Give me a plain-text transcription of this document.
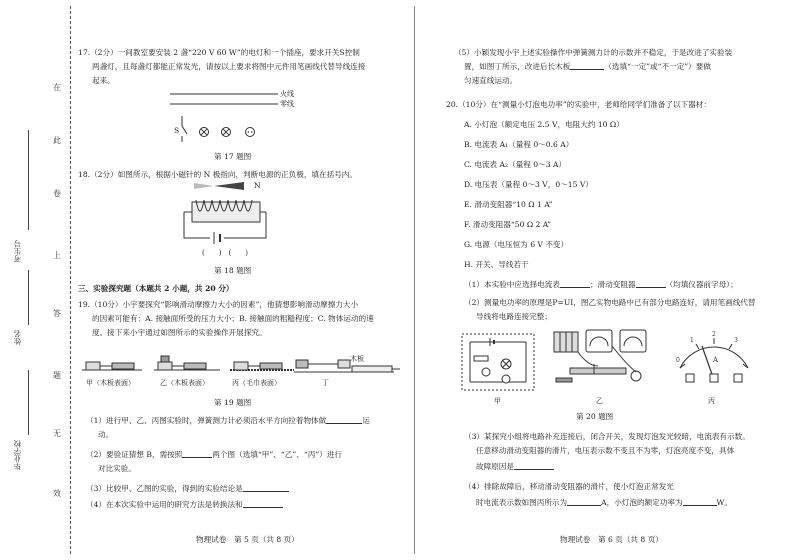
在
此
卷
上
答
题
无
效
考生号
姓名
毕业学校
17.（2分）一间教室要安装 2 盏“220 V 60 W”的电灯和一个插座，要求开关S控制
两盏灯，且每盏灯都能正常发光，请按以上要求将图中元件用笔画线代替导线连接
起来。
火线
零线
S
第 17 题图
18.（2分）如图所示，根据小磁针的 N 极指向，判断电源的正负极，填在括号内。
N
(　　)　(　　)
第 18 题图
三、实验探究题（本题共 2 小题，共 20 分）
19.（10分）小宇要探究“影响滑动摩擦力大小的因素”，他猜想影响滑动摩擦力大小
的因素可能有：A. 接触面所受的压力大小；B. 接触面的粗糙程度；C. 物体运动的速
度。接下来小宇通过如图所示的实验操作开展探究。
甲（木板表面）	乙（木板表面）	丙（毛巾表面）	丁
木板
第 19 题图
（1）进行甲、乙、丙图实验时，弹簧测力计必须沿水平方向拉着物体做	运
动。
（2）要验证猜想 B，需按照	两个图（选填“甲”、“乙”、“丙”）进行
对比实验。
（3）比较甲、乙图的实验，得到的实验结论是
（4）在本次实验中运用的研究方法是转换法和
物理试卷　第 5 页（共 8 页）
（5）小颖发现小宇上述实验操作中弹簧测力计的示数并不稳定，于是改进了实验装
置，如图丁所示，改进后长木板	（选填“一定”或“不一定”）要做
匀速直线运动。
20.（10分）在“测量小灯泡电功率”的实验中，老师给同学们准备了以下器材：
A. 小灯泡（额定电压 2.5 V，电阻大约 10 Ω）
B. 电流表 A₁（量程 0～0.6 A）
C. 电流表 A₂（量程 0～3 A）
D. 电压表（量程 0～3 V，0～15 V）
E. 滑动变阻器“10 Ω 1 A”
F. 滑动变阻器“50 Ω 2 A”
G. 电源（电压恒为 6 V 不变）
H. 开关、导线若干
（1）本实验中应选择电流表	；滑动变阻器	（均填仪器前字母）；
（2）测量电功率的原理是P=UI，图乙实物电路中已有部分电路连好，请用笔画线代替
导线将电路连接完整；
甲	乙
0
1
2
3
A
丙
第 20 题图
（3）某探究小组将电路补充连接后，闭合开关，发现灯泡发光较暗，电流表有示数。
任意移动滑动变阻器的滑片，电压表示数不变且不为零，灯泡亮度不变，具体
故障原因是
（4）排除故障后，移动滑动变阻器的滑片，使小灯泡正常发光
时电流表示数如图丙所示为	A，小灯泡的额定功率为	W。
物理试卷　第 6 页（共 8 页）
